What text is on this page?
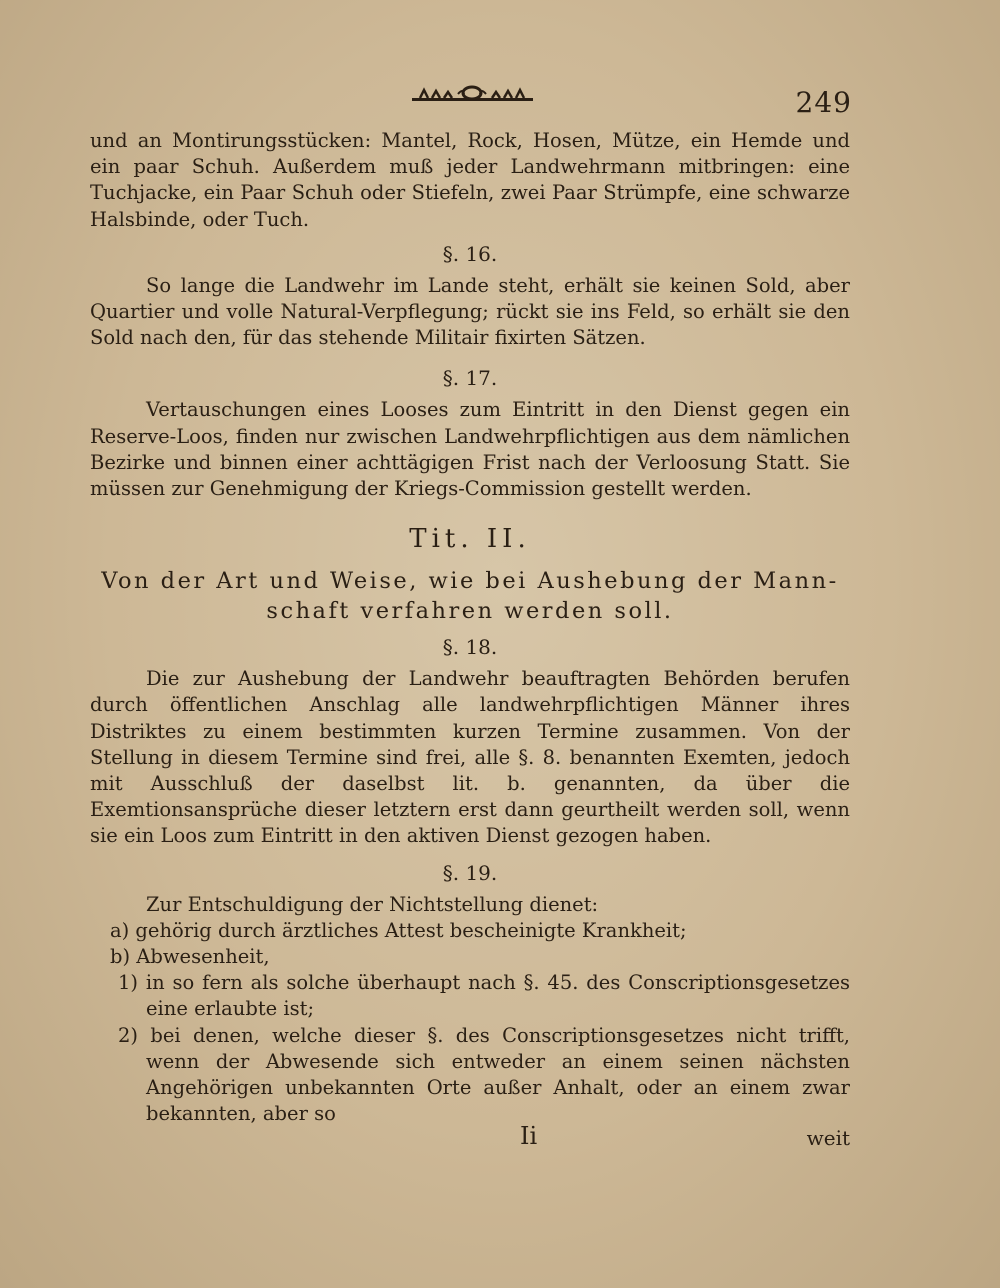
249

und an Montirungsstücken: Mantel, Rock, Hosen, Mütze, ein Hemde und ein paar Schuh. Außerdem muß jeder Landwehrmann mitbringen: eine Tuchjacke, ein Paar Schuh oder Stiefeln, zwei Paar Strümpfe, eine schwarze Halsbinde, oder Tuch.

§. 16.

So lange die Landwehr im Lande steht, erhält sie keinen Sold, aber Quartier und volle Natural-Verpflegung; rückt sie ins Feld, so erhält sie den Sold nach den, für das stehende Militair fixirten Sätzen.

§. 17.

Vertauschungen eines Looses zum Eintritt in den Dienst gegen ein Reserve-Loos, finden nur zwischen Landwehrpflichtigen aus dem nämlichen Bezirke und binnen einer achttägigen Frist nach der Verloosung Statt. Sie müssen zur Genehmigung der Kriegs-Commission gestellt werden.

Tit. II.
Von der Art und Weise, wie bei Aushebung der Mann-
schaft verfahren werden soll.
§. 18.

Die zur Aushebung der Landwehr beauftragten Behörden berufen durch öffentlichen Anschlag alle landwehrpflichtigen Männer ihres Distriktes zu einem bestimmten kurzen Termine zusammen. Von der Stellung in diesem Termine sind frei, alle §. 8. benannten Exemten, jedoch mit Ausschluß der daselbst lit. b. genannten, da über die Exemtionsansprüche dieser letztern erst dann geurtheilt werden soll, wenn sie ein Loos zum Eintritt in den aktiven Dienst gezogen haben.

§. 19.

Zur Entschuldigung der Nichtstellung dienet:

a) gehörig durch ärztliches Attest bescheinigte Krankheit;
b) Abwesenheit,

1) in so fern als solche überhaupt nach §. 45. des Conscriptionsgesetzes eine erlaubte ist;

2) bei denen, welche dieser §. des Conscriptionsgesetzes nicht trifft, wenn der Abwesende sich entweder an einem seinen nächsten Angehörigen unbekannten Orte außer Anhalt, oder an einem zwar bekannten, aber so

Ii	weit
